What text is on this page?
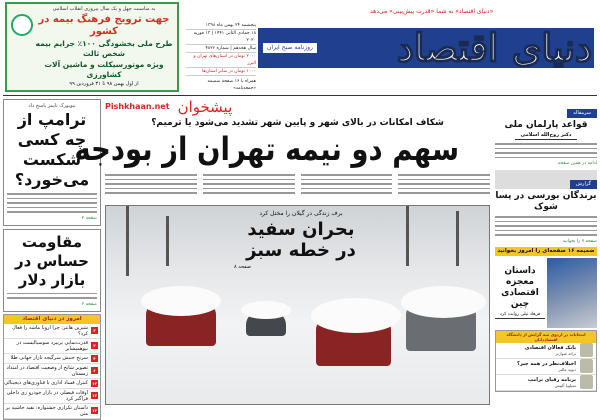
به مناسبت چهل و یک سال پیروزی انقلاب اسلامی
جهت ترویج فرهنگ بیمه در کشور
طرح ملی بخشودگی ۱۰۰٪ جرایم بیمه شخص ثالث
ویژه موتورسیکلت و ماشین آلات کشاورزی
از اول بهمن ۹۸ تا ۳۱ فروردین ۹۹
پنجشنبه ۲۴ بهمن ماه ۱۳۹۸
۱۸ جمادی الثانی ۱۴۴۱ | ۱۳ فوریه ۲۰۲۰
سال هجدهم | شماره ۴۸۲۶
۲۰۰۰ تومان در استان‌های تهران و البرز
۱۰۰۰ تومان در سایر استان‌ها
همراه با ۱۶ صفحه ضمیمه «جمعه‌نامه»
«دنیای اقتصاد» به شما «قدرت پیش‌بینی» می‌دهد
دنیای اقتصاد
روزنامه صبح ایران
نیویورک تایمز پاسخ داد
ترامپ از چه کسی شکست می‌خورد؟
صفحه ۲
مقاومت حساس در بازار دلار
صفحه ۲
امروز در دنیای اقتصاد
۲
شیرین هانتر: چرا اروپا ماشه را فعال کرد؟
۲
قدرت‌نمایی پربیرد سوسیالیست در نیوهمپشایر
۴
سرنخ جنبش سرگیجه بازار جهانی طلا
۶
تصویر شانخ از وضعیت اقتصاد در امتداد زمستان
۱۲
کنترل فساد اداری با فناوری‌های دیجیتالی
۱۳
اوقات فیصلی در بازار خودرو زی داخلی فراگیر کرد
۱۴
داستان تکراری جشنواره: نقیه حاشیه بر متن
پیشخوان
Pishkhaan.net
شکاف امکانات در بالای شهر و پایین شهر تشدید می‌شود یا ترمیم؟
سهم دو نیمه تهران از بودجه
برف زندگی در گیلان را مختل کرد
بحران سفید
در خطه سبز
صفحه ۸
سرمقاله
قواعد پارلمان ملی
دکتر روح‌الله اسلامی
ادامه در همین صفحه
گزارش
برندگان بورسی در پسا شوک
صفحه ۷ را بخوانید
ضمیمه ۱۶ صفحه‌ای را امروز بخوانید
داستان معجزه اقتصادی چین
فرهاد نیلی روایت کرد
انتخابات در اردوی سه گرایش از دانشگاه اقتصاددانان
بانک فعالان اقتصادی
ترانه شوارتز
اختلاف‌نظر در همه چیز؟
دیوید مالتر
برنامه رقبای ترامپ
سیلویا آلپیس
